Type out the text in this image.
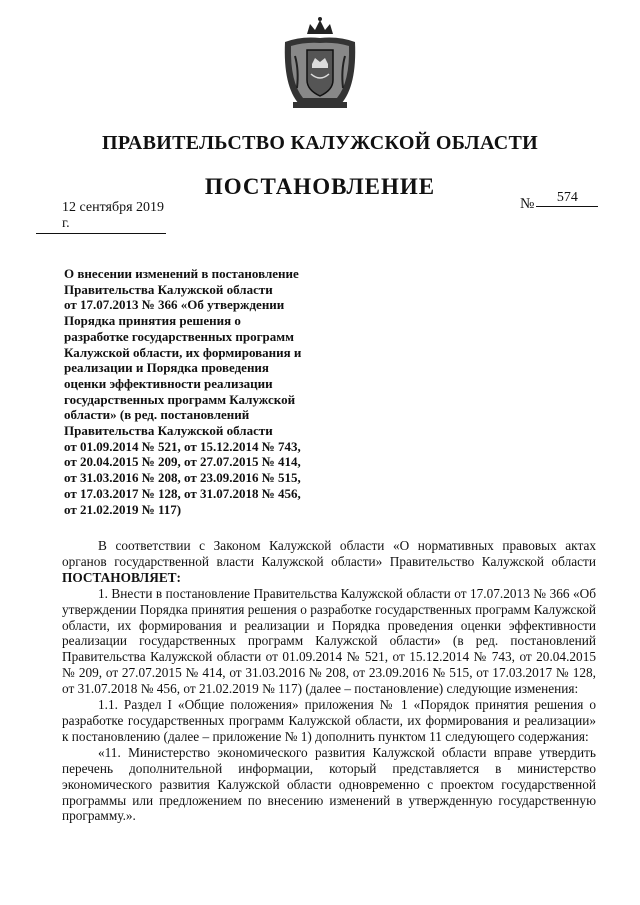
ПРАВИТЕЛЬСТВО КАЛУЖСКОЙ ОБЛАСТИ
ПОСТАНОВЛЕНИЕ
12 сентября 2019 г.
№	574
О внесении изменений в постановление
Правительства Калужской области
от 17.07.2013 № 366 «Об утверждении
Порядка принятия решения о
разработке государственных программ
Калужской области, их формирования и
реализации и Порядка проведения
оценки эффективности реализации
государственных программ Калужской
области» (в ред. постановлений
Правительства Калужской области
от 01.09.2014 № 521, от 15.12.2014 № 743,
от 20.04.2015 № 209, от 27.07.2015 № 414,
от 31.03.2016 № 208, от 23.09.2016 № 515,
от 17.03.2017 № 128, от 31.07.2018 № 456,
от 21.02.2019 № 117)

В соответствии с Законом Калужской области «О нормативных правовых актах органов государственной власти Калужской области» Правительство Калужской области ПОСТАНОВЛЯЕТ:

1. Внести в постановление Правительства Калужской области от 17.07.2013 № 366 «Об утверждении Порядка принятия решения о разработке государственных программ Калужской области, их формирования и реализации и Порядка проведения оценки эффективности реализации государственных программ Калужской области» (в ред. постановлений Правительства Калужской области от 01.09.2014 № 521, от 15.12.2014 № 743, от 20.04.2015 № 209, от 27.07.2015 № 414, от 31.03.2016 № 208, от 23.09.2016 № 515, от 17.03.2017 № 128, от 31.07.2018 № 456, от 21.02.2019 № 117) (далее – постановление) следующие изменения:

1.1. Раздел I «Общие положения» приложения № 1 «Порядок принятия решения о разработке государственных программ Калужской области, их формирования и реализации» к постановлению (далее – приложение № 1) дополнить пунктом 11 следующего содержания:

«11. Министерство экономического развития Калужской области вправе утвердить перечень дополнительной информации, который представляется в министерство экономического развития Калужской области одновременно с проектом государственной программы или предложением по внесению изменений в утвержденную государственную программу.».
